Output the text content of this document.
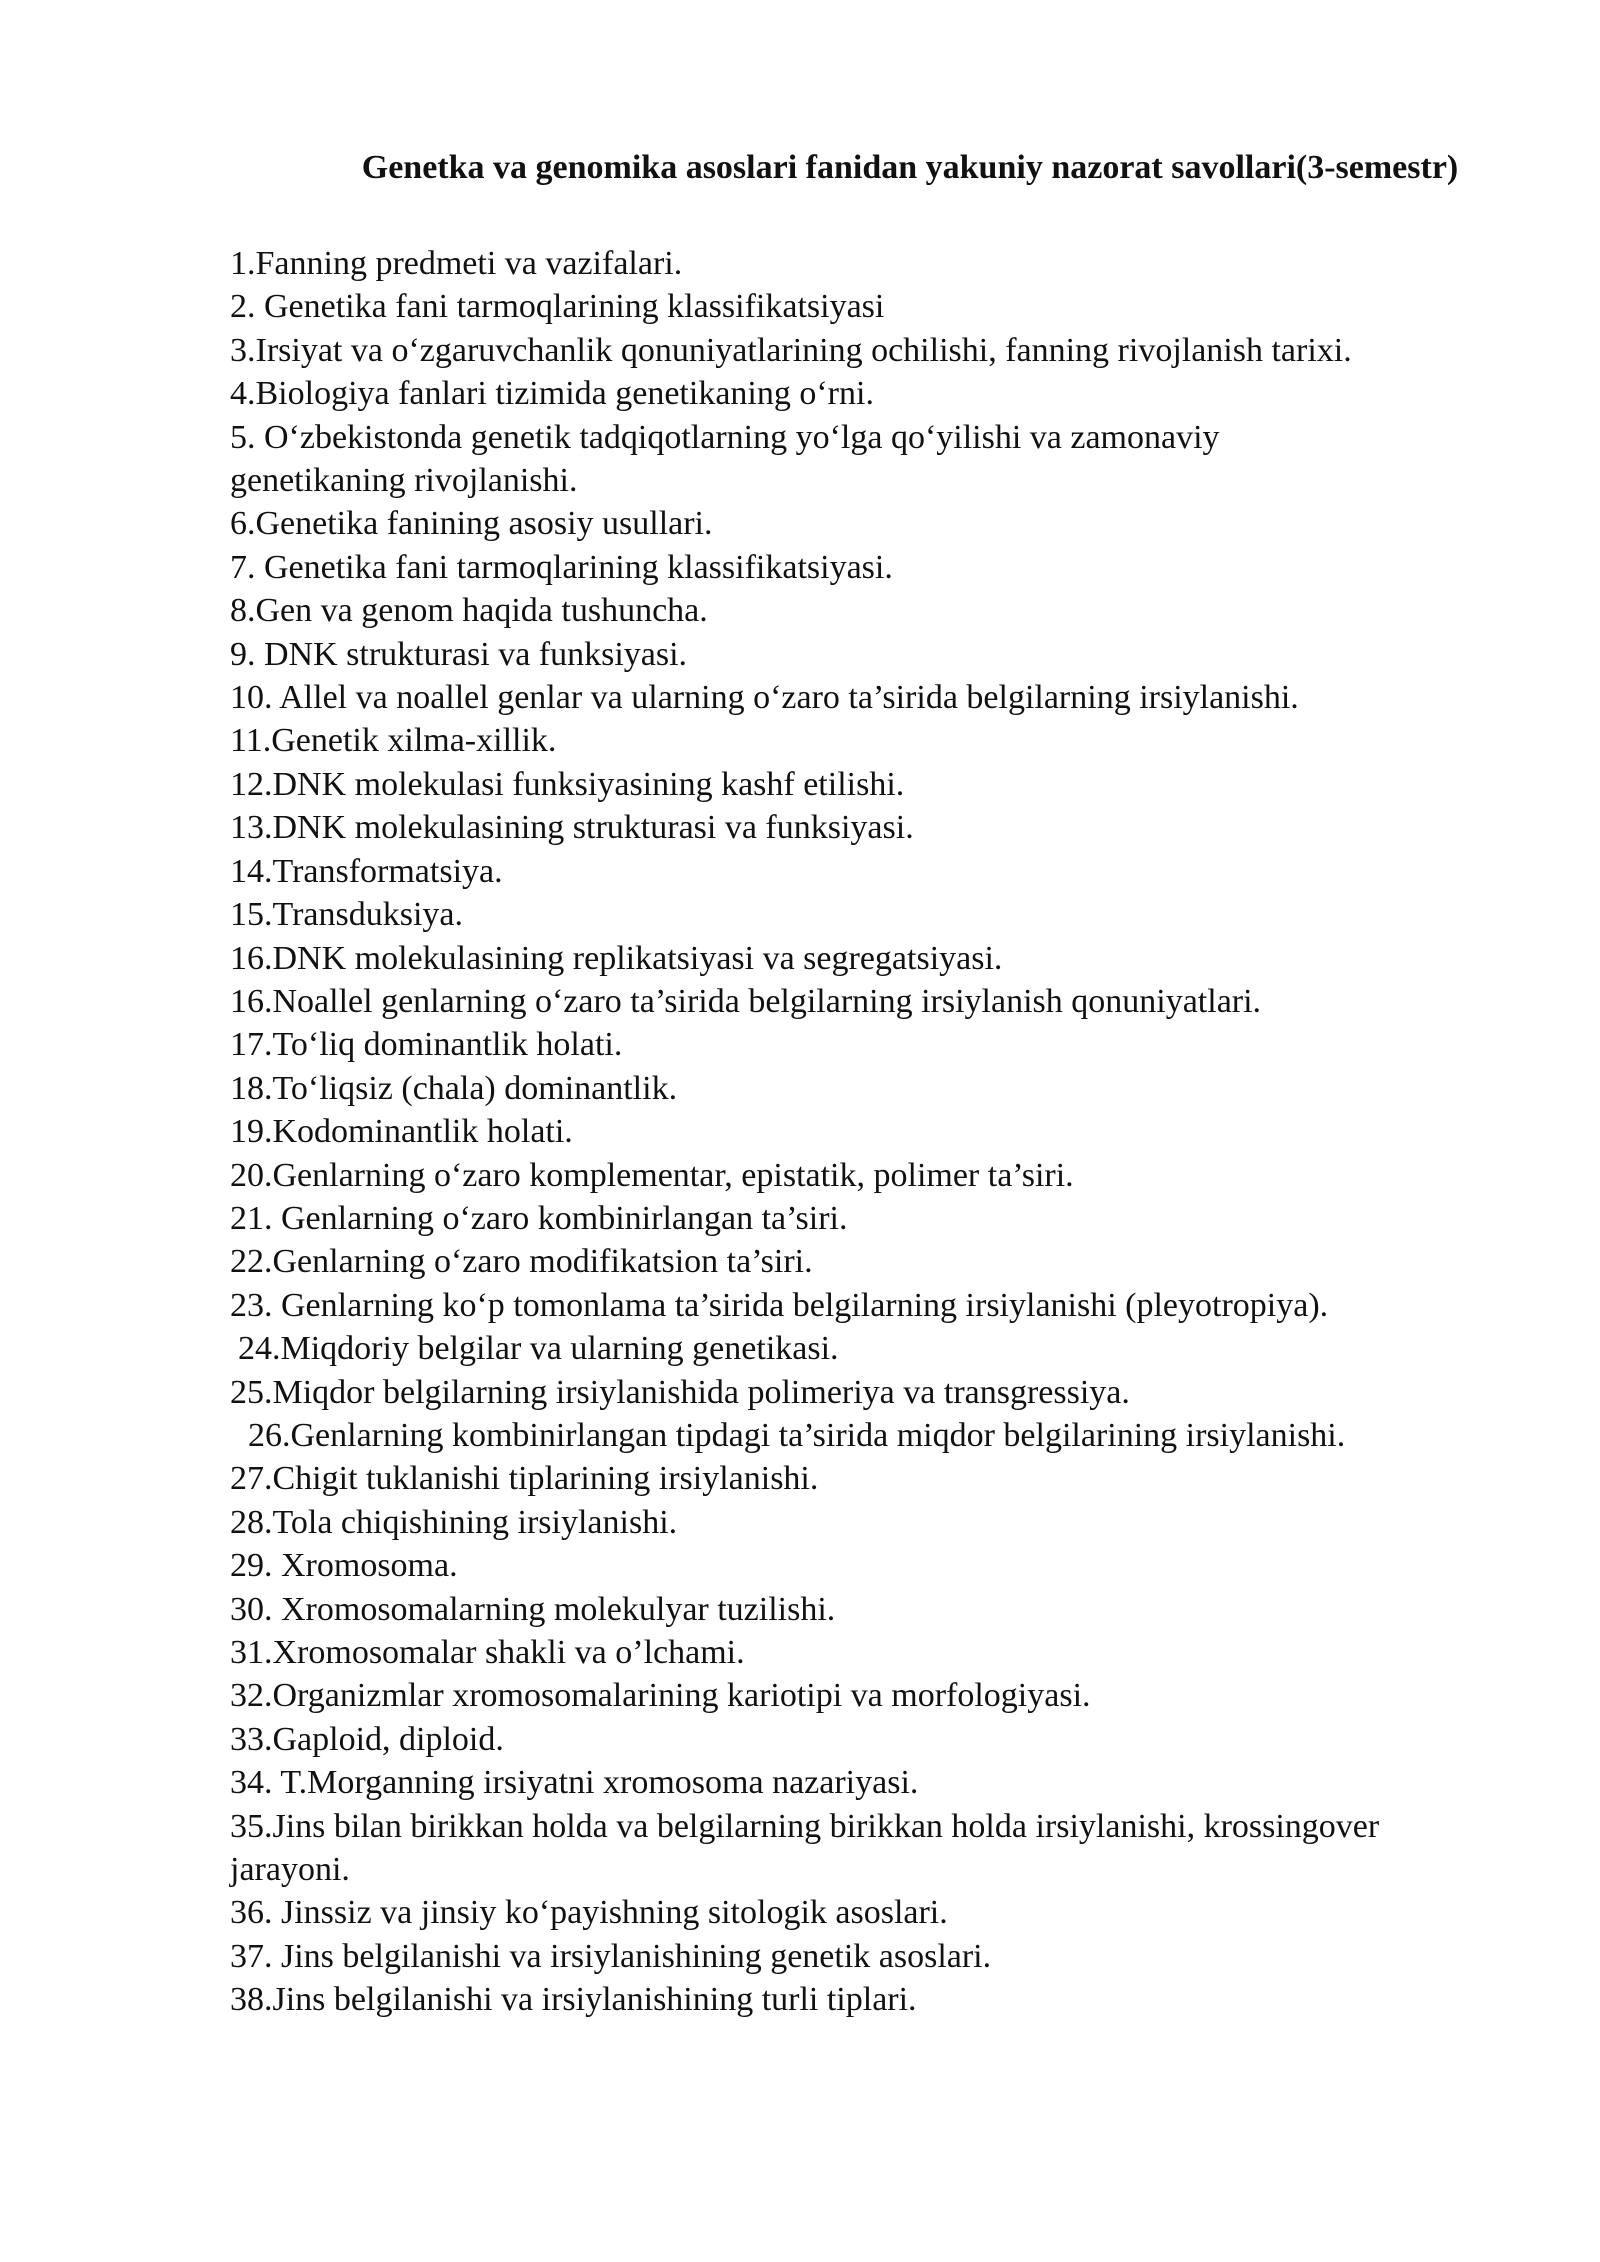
Genetka va genomika asoslari fanidan yakuniy nazorat savollari(3-semestr)
1.Fanning predmeti va vazifalari.
2. Genetika fani tarmoqlarining klassifikatsiyasi
3.Irsiyat va o‘zgaruvchanlik qonuniyatlarining ochilishi, fanning rivojlanish tarixi.
4.Biologiya fanlari tizimida genetikaning o‘rni.
5. O‘zbekistonda genetik tadqiqotlarning yo‘lga qo‘yilishi va zamonaviy genetikaning rivojlanishi.
6.Genetika fanining asosiy usullari.
7. Genetika fani tarmoqlarining klassifikatsiyasi.
8.Gen va genom haqida tushuncha.
9. DNK strukturasi va funksiyasi.
10. Allel va noallel genlar va ularning o‘zaro ta’sirida belgilarning irsiylanishi.
11.Genetik xilma-xillik.
12.DNK molekulasi funksiyasining kashf etilishi.
13.DNK molekulasining strukturasi va funksiyasi.
14.Transformatsiya.
15.Transduksiya.
16.DNK molekulasining replikatsiyasi va segregatsiyasi.
16.Noallel genlarning o‘zaro ta’sirida belgilarning irsiylanish qonuniyatlari.
17.To‘liq dominantlik holati.
18.To‘liqsiz (chala) dominantlik.
19.Kodominantlik holati.
20.Genlarning o‘zaro komplementar, epistatik, polimer ta’siri.
21. Genlarning o‘zaro kombinirlangan ta’siri.
22.Genlarning o‘zaro modifikatsion ta’siri.
23. Genlarning ko‘p tomonlama ta’sirida belgilarning irsiylanishi (pleyotropiya).
24.Miqdoriy belgilar va ularning genetikasi.
25.Miqdor belgilarning irsiylanishida polimeriya va transgressiya.
26.Genlarning kombinirlangan tipdagi ta’sirida miqdor belgilarining irsiylanishi.
27.Chigit tuklanishi tiplarining irsiylanishi.
28.Tola chiqishining irsiylanishi.
29. Xromosoma.
30. Xromosomalarning molekulyar tuzilishi.
31.Xromosomalar shakli va o’lchami.
32.Organizmlar xromosomalarining kariotipi va morfologiyasi.
33.Gaploid, diploid.
34. T.Morganning irsiyatni xromosoma nazariyasi.
35.Jins bilan birikkan holda va belgilarning birikkan holda irsiylanishi, krossingover jarayoni.
36. Jinssiz va jinsiy ko‘payishning sitologik asoslari.
37. Jins belgilanishi va irsiylanishining genetik asoslari.
38.Jins belgilanishi va irsiylanishining turli tiplari.
